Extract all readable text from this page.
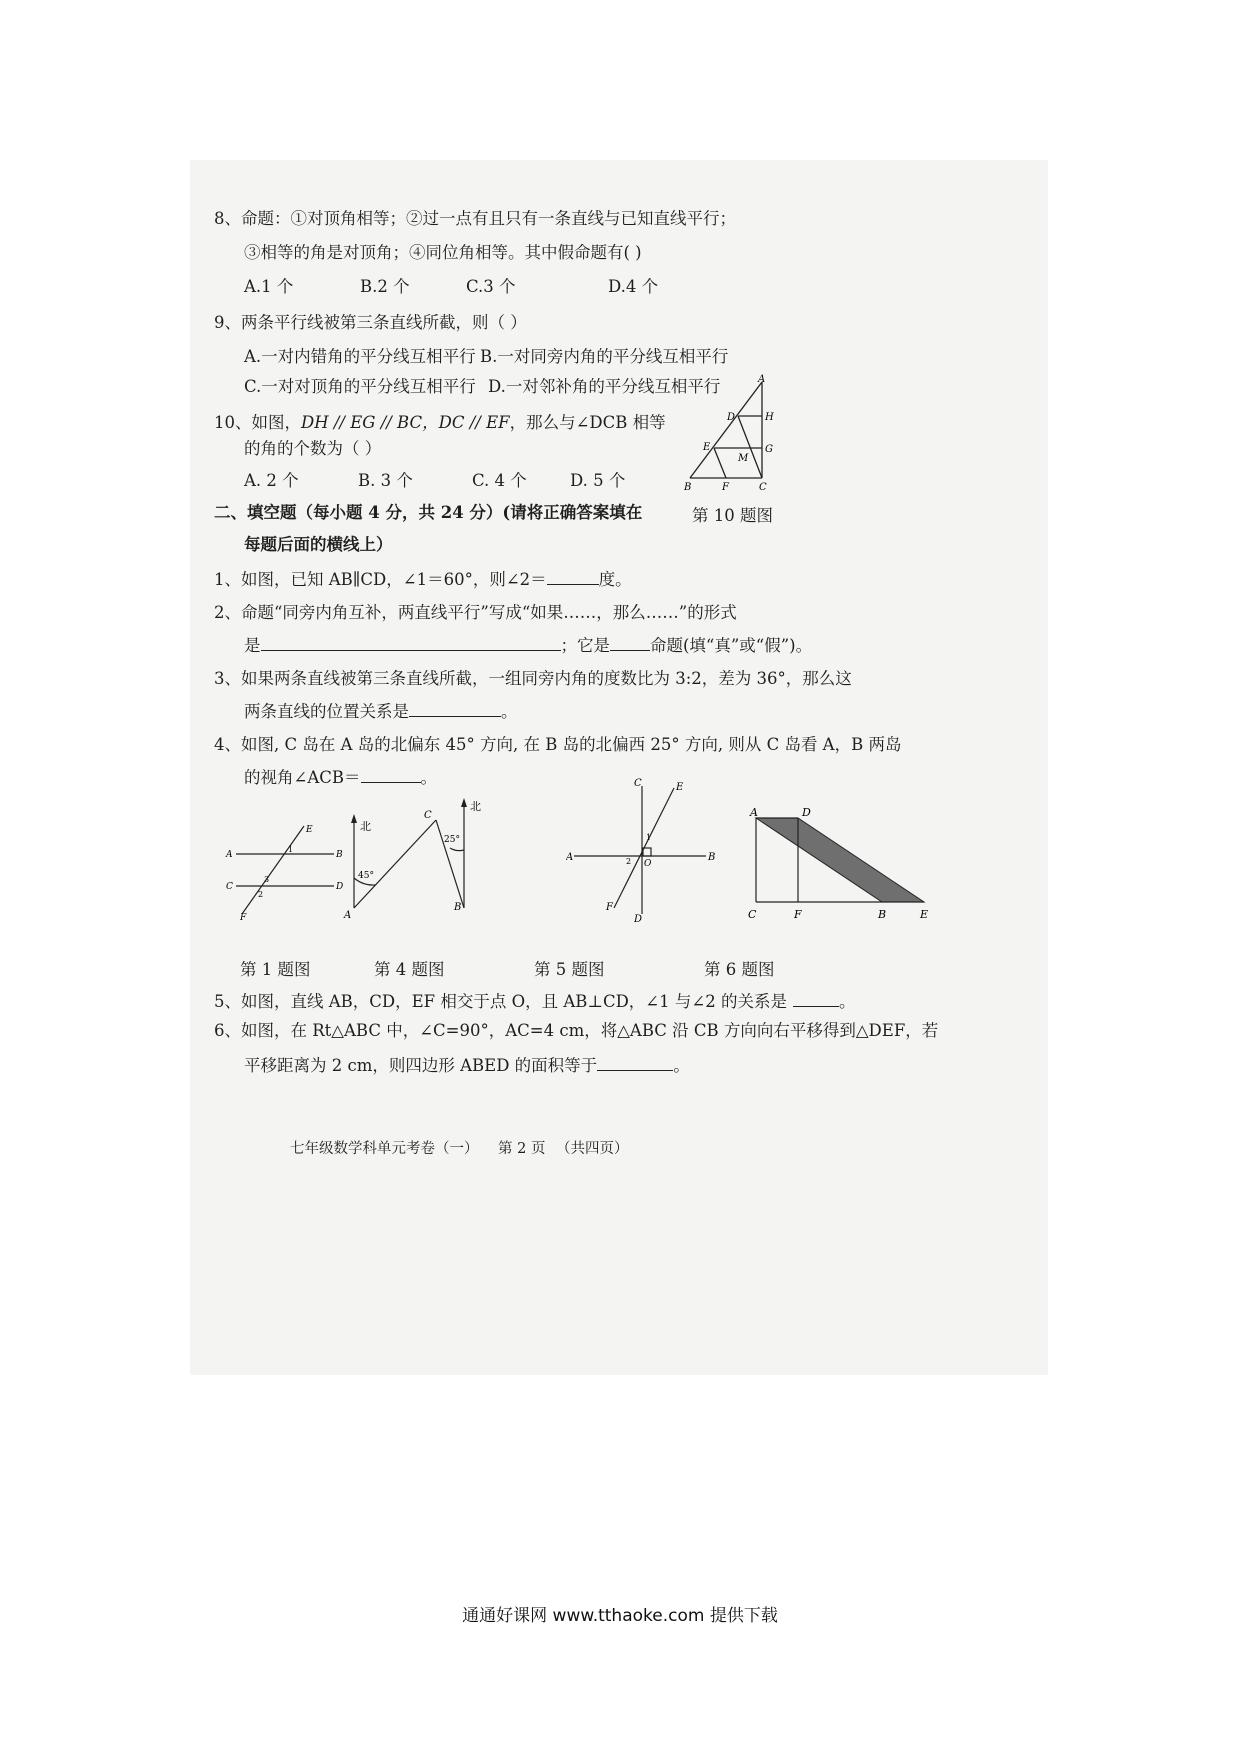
8、命题：①对顶角相等；②过一点有且只有一条直线与已知直线平行；
③相等的角是对顶角；④同位角相等。其中假命题有( )
A.1 个	B.2 个	C.3 个	D.4 个
9、两条平行线被第三条直线所截，则（ ）
A.一对内错角的平分线互相平行 B.一对同旁内角的平分线互相平行
C.一对对顶角的平分线互相平行 D.一对邻补角的平分线互相平行
10、如图，DH // EG // BC，DC // EF，那么与∠DCB 相等
的角的个数为（ ）
A. 2 个	B. 3 个	C. 4 个	D. 5 个
A
D	H
E	G
M
B	F	C
二、填空题（每小题 4 分，共 24 分）(请将正确答案填在	第 10 题图
每题后面的横线上）
1、如图，已知 AB∥CD，∠1＝60°，则∠2＝	度。
2、命题“同旁内角互补，两直线平行”写成“如果……，那么……”的形式
是	；它是 命题(填“真”或“假”)。
3、如果两条直线被第三条直线所截，一组同旁内角的度数比为 3:2，差为 36°，那么这
两条直线的位置关系是	。
4、如图, C 岛在 A 岛的北偏东 45° 方向, 在 B 岛的北偏西 25° 方向, 则从 C 岛看 A，B 两岛
的视角∠ACB＝	。
E
A
1
B
3
C
2
D
F
北
45°
A
C
北
25°
B
C	E
1
A	2 O
B
F
D
A	D
C	F	B	E
第 1 题图	第 4 题图	第 5 题图	第 6 题图
5、如图，直线 AB，CD，EF 相交于点 O，且 AB⊥CD，∠1 与∠2 的关系是	。
6、如图，在 Rt△ABC 中，∠C=90°，AC=4 cm，将△ABC 沿 CB 方向向右平移得到△DEF，若
平移距离为 2 cm，则四边形 ABED 的面积等于	。
七年级数学科单元考卷（一） 第 2 页 （共四页）
通通好课网 www.tthaoke.com 提供下载
